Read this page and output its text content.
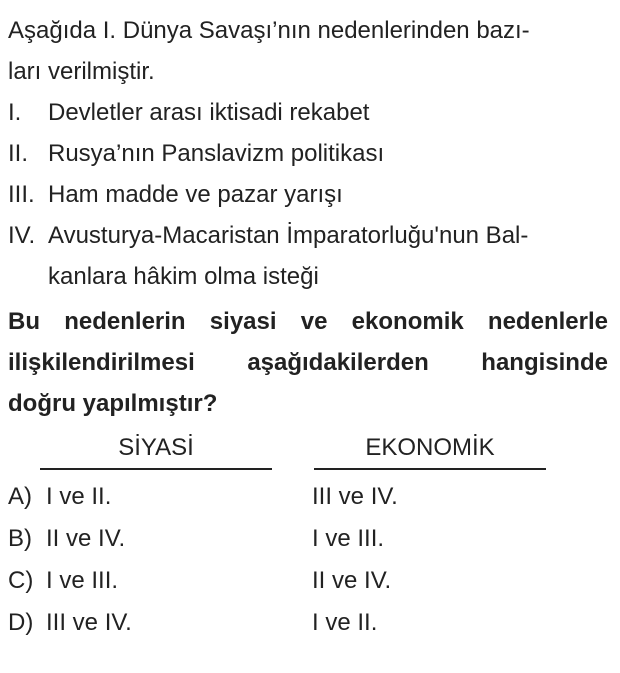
Aşağıda I. Dünya Savaşı’nın nedenlerinden bazı-
ları verilmiştir.
I. Devletler arası iktisadi rekabet
II. Rusya’nın Panslavizm politikası
III. Ham madde ve pazar yarışı
IV. Avusturya-Macaristan İmparatorluğu'nun Bal-
kanlara hâkim olma isteği
Bu nedenlerin siyasi ve ekonomik nedenlerle
ilişkilendirilmesi aşağıdakilerden hangisinde
doğru yapılmıştır?
SİYASİ	EKONOMİK
A) I ve II.	III ve IV.
B) II ve IV.	I ve III.
C) I ve III.	II ve IV.
D) III ve IV.	I ve II.
